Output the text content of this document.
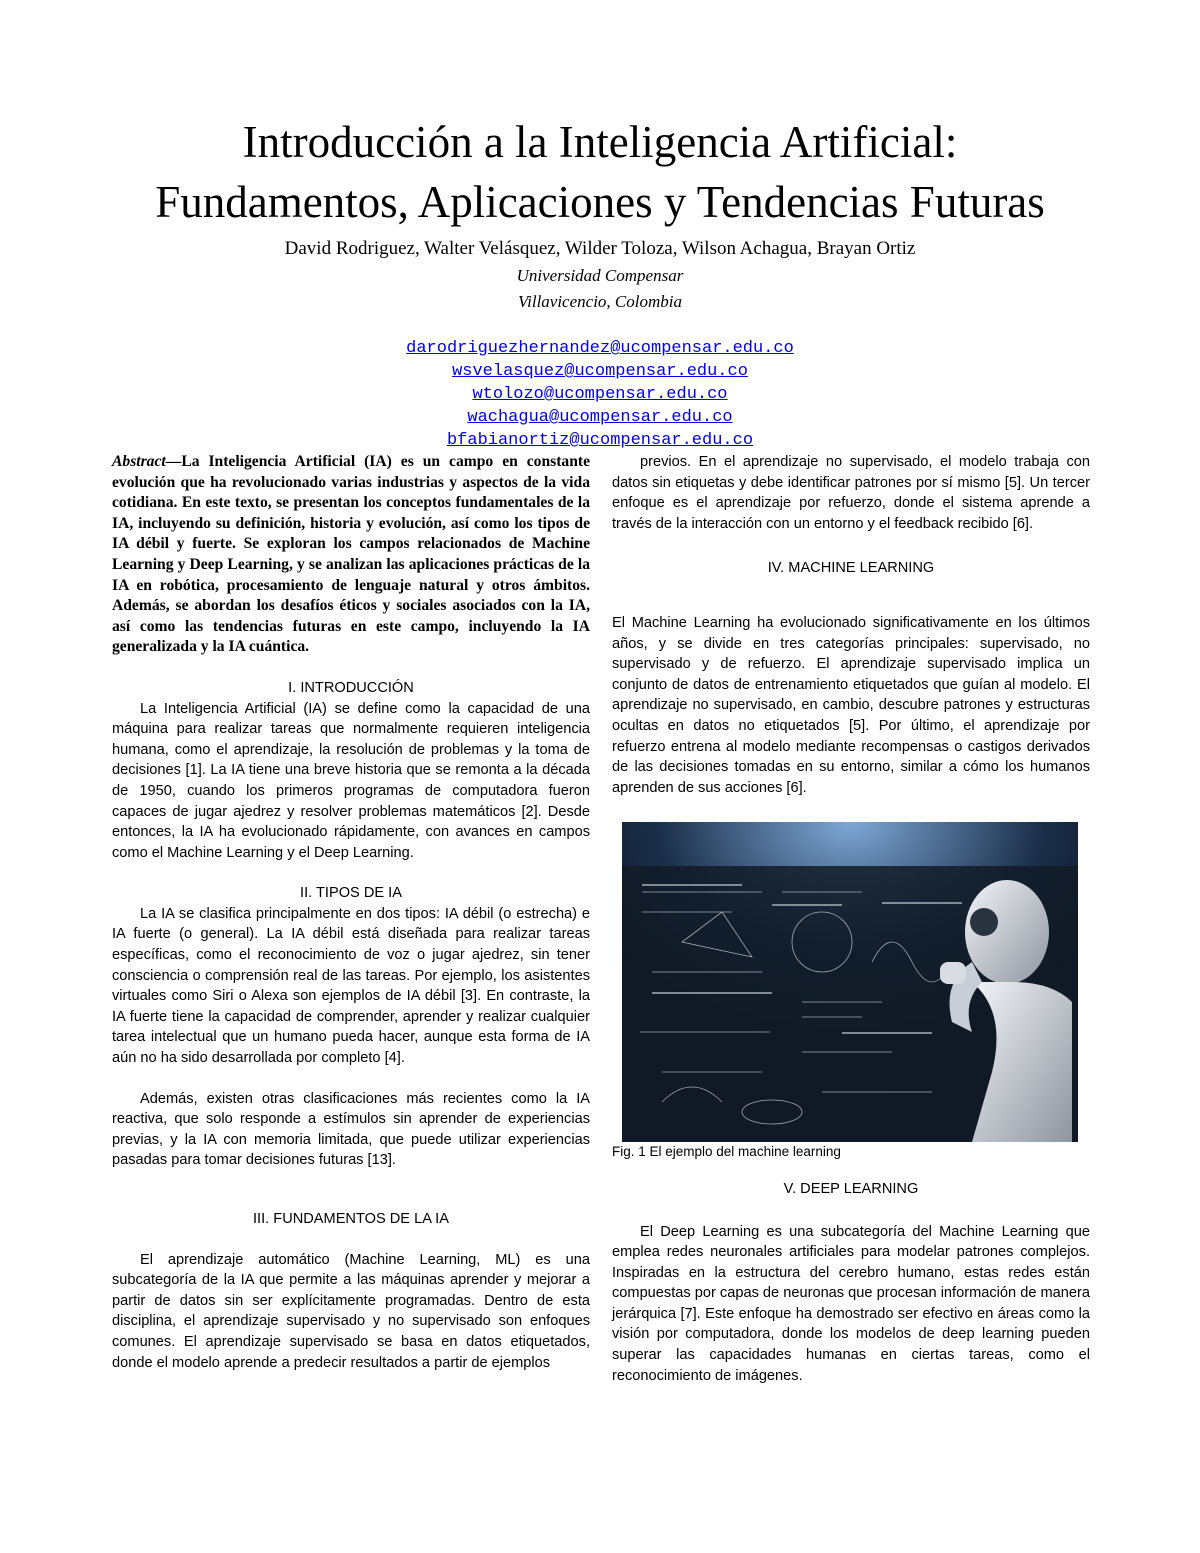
Introducción a la Inteligencia Artificial:
Fundamentos, Aplicaciones y Tendencias Futuras

David Rodriguez, Walter Velásquez, Wilder Toloza, Wilson Achagua, Brayan Ortiz

Universidad Compensar

Villavicencio, Colombia

darodriguezhernandez@ucompensar.edu.co
wsvelasquez@ucompensar.edu.co
wtolozo@ucompensar.edu.co
wachagua@ucompensar.edu.co
bfabianortiz@ucompensar.edu.co

Abstract—La Inteligencia Artificial (IA) es un campo en constante evolución que ha revolucionado varias industrias y aspectos de la vida cotidiana. En este texto, se presentan los conceptos fundamentales de la IA, incluyendo su definición, historia y evolución, así como los tipos de IA débil y fuerte. Se exploran los campos relacionados de Machine Learning y Deep Learning, y se analizan las aplicaciones prácticas de la IA en robótica, procesamiento de lenguaje natural y otros ámbitos. Además, se abordan los desafíos éticos y sociales asociados con la IA, así como las tendencias futuras en este campo, incluyendo la IA generalizada y la IA cuántica.

I. INTRODUCCIÓN

La Inteligencia Artificial (IA) se define como la capacidad de una máquina para realizar tareas que normalmente requieren inteligencia humana, como el aprendizaje, la resolución de problemas y la toma de decisiones [1]. La IA tiene una breve historia que se remonta a la década de 1950, cuando los primeros programas de computadora fueron capaces de jugar ajedrez y resolver problemas matemáticos [2]. Desde entonces, la IA ha evolucionado rápidamente, con avances en campos como el Machine Learning y el Deep Learning.

II. TIPOS DE IA

La IA se clasifica principalmente en dos tipos: IA débil (o estrecha) e IA fuerte (o general). La IA débil está diseñada para realizar tareas específicas, como el reconocimiento de voz o jugar ajedrez, sin tener consciencia o comprensión real de las tareas. Por ejemplo, los asistentes virtuales como Siri o Alexa son ejemplos de IA débil [3]. En contraste, la IA fuerte tiene la capacidad de comprender, aprender y realizar cualquier tarea intelectual que un humano pueda hacer, aunque esta forma de IA aún no ha sido desarrollada por completo [4].

Además, existen otras clasificaciones más recientes como la IA reactiva, que solo responde a estímulos sin aprender de experiencias previas, y la IA con memoria limitada, que puede utilizar experiencias pasadas para tomar decisiones futuras [13].

III. FUNDAMENTOS DE LA IA

El aprendizaje automático (Machine Learning, ML) es una subcategoría de la IA que permite a las máquinas aprender y mejorar a partir de datos sin ser explícitamente programadas. Dentro de esta disciplina, el aprendizaje supervisado y no supervisado son enfoques comunes. El aprendizaje supervisado se basa en datos etiquetados, donde el modelo aprende a predecir resultados a partir de ejemplos

previos. En el aprendizaje no supervisado, el modelo trabaja con datos sin etiquetas y debe identificar patrones por sí mismo [5]. Un tercer enfoque es el aprendizaje por refuerzo, donde el sistema aprende a través de la interacción con un entorno y el feedback recibido [6].

IV. MACHINE LEARNING

El Machine Learning ha evolucionado significativamente en los últimos años, y se divide en tres categorías principales: supervisado, no supervisado y de refuerzo. El aprendizaje supervisado implica un conjunto de datos de entrenamiento etiquetados que guían al modelo. El aprendizaje no supervisado, en cambio, descubre patrones y estructuras ocultas en datos no etiquetados [5]. Por último, el aprendizaje por refuerzo entrena al modelo mediante recompensas o castigos derivados de las decisiones tomadas en su entorno, similar a cómo los humanos aprenden de sus acciones [6].

Fig. 1 El ejemplo del machine learning

V. DEEP LEARNING

El Deep Learning es una subcategoría del Machine Learning que emplea redes neuronales artificiales para modelar patrones complejos. Inspiradas en la estructura del cerebro humano, estas redes están compuestas por capas de neuronas que procesan información de manera jerárquica [7]. Este enfoque ha demostrado ser efectivo en áreas como la visión por computadora, donde los modelos de deep learning pueden superar las capacidades humanas en ciertas tareas, como el reconocimiento de imágenes.
